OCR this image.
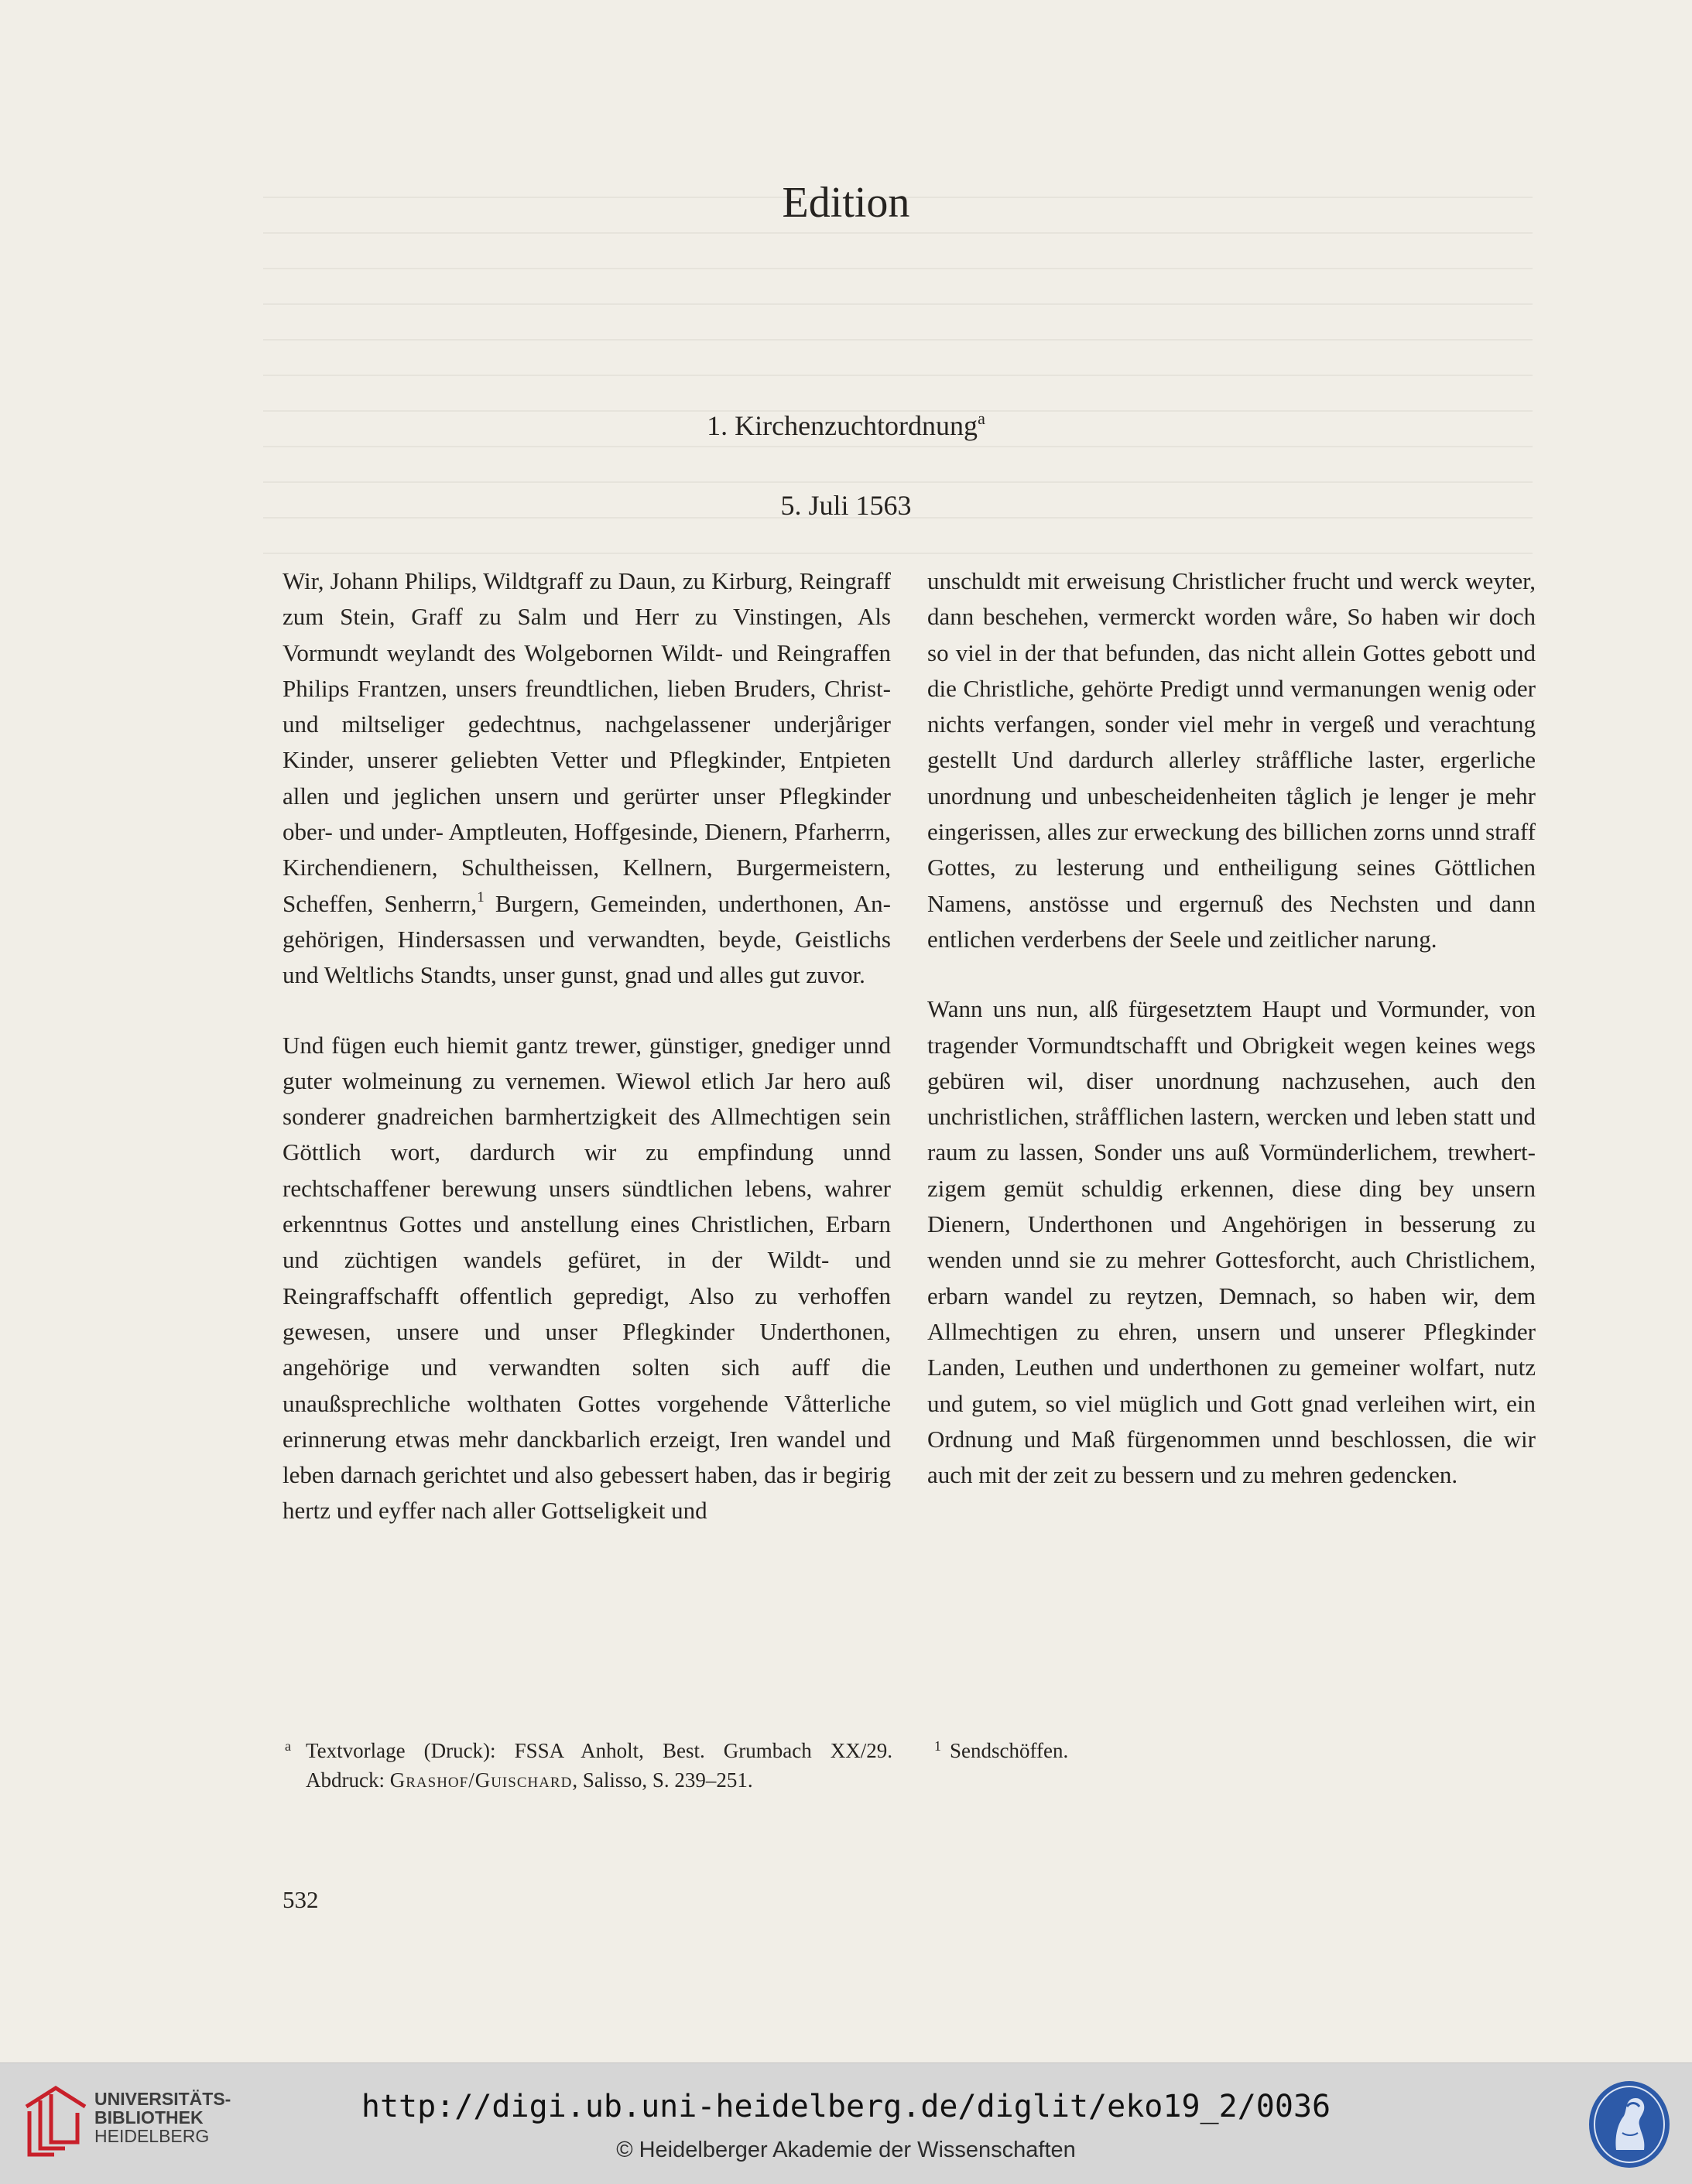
Edition
1. Kirchenzuchtordnung$^a$
5. Juli 1563

Wir, Johann Philips, Wildtgraff zu Daun, zu Kirburg, Reingraff zum Stein, Graff zu Salm und Herr zu Vinstingen, Als Vormundt weylandt des Wolgebornen Wildt- und Reingraffen Philips Frantzen, unsers freundtlichen, lieben Bruders, Christ- und miltseliger gedechtnus, nachgelassener underjåriger Kinder, unserer geliebten Vetter und Pflegkinder, Entpieten allen und jeglichen unsern und gerürter unser Pflegkinder ober- und under- Amptleuten, Hoffgesinde, Dienern, Pfarherrn, Kirchendienern, Schultheissen, Kellnern, Burgermeistern, Scheffen, Senherrn,$^1$ Burgern, Gemeinden, underthonen, Angehörigen, Hindersassen und verwandten, beyde, Geistlichs und Weltlichs Standts, unser gunst, gnad und alles gut zuvor.

Und fügen euch hiemit gantz trewer, günstiger, gnediger unnd guter wolmeinung zu vernemen. Wiewol etlich Jar hero auß sonderer gnadreichen barmhertzigkeit des Allmechtigen sein Göttlich wort, dardurch wir zu empfindung unnd rechtschaffener berewung unsers sündtlichen lebens, wahrer erkenntnus Gottes und anstellung eines Christlichen, Erbarn und züchtigen wandels gefüret, in der Wildt- und Reingraffschafft offentlich gepredigt, Also zu verhoffen gewesen, unsere und unser Pflegkinder Underthonen, angehörige und verwandten solten sich auff die unaußsprechliche wolthaten Gottes vorgehende Våtterliche erinnerung etwas mehr danckbarlich erzeigt, Iren wandel und leben darnach gerichtet und also gebessert haben, das ir begirig hertz und eyffer nach aller Gottseligkeit und

unschuldt mit erweisung Christlicher frucht und werck weyter, dann beschehen, vermerckt worden wåre, So haben wir doch so viel in der that befunden, das nicht allein Gottes gebott und die Christliche, gehörte Predigt unnd vermanungen wenig oder nichts verfangen, sonder viel mehr in vergeß und verachtung gestellt Und dardurch allerley stråffliche laster, ergerliche unordnung und unbescheidenheiten tåglich je lenger je mehr eingerissen, alles zur erweckung des billichen zorns unnd straff Gottes, zu lesterung und entheiligung seines Göttlichen Namens, anstösse und ergernuß des Nechsten und dann entlichen verderbens der Seele und zeitlicher narung.

Wann uns nun, alß fürgesetztem Haupt und Vormunder, von tragender Vormundtschafft und Obrigkeit wegen keines wegs gebüren wil, diser unordnung nachzusehen, auch den unchristlichen, stråfflichen lastern, wercken und leben statt und raum zu lassen, Sonder uns auß Vormünderlichem, trewhertzigem gemüt schuldig erkennen, diese ding bey unsern Dienern, Underthonen und Angehörigen in besserung zu wenden unnd sie zu mehrer Gottesforcht, auch Christlichem, erbarn wandel zu reytzen, Demnach, so haben wir, dem Allmechtigen zu ehren, unsern und unserer Pflegkinder Landen, Leuthen und underthonen zu gemeiner wolfart, nutz und gutem, so viel müglich und Gott gnad verleihen wirt, ein Ordnung und Maß fürgenommen unnd beschlossen, die wir auch mit der zeit zu bessern und zu mehren gedencken.

a Textvorlage (Druck): FSSA Anholt, Best. Grumbach XX/29. Abdruck: Grashof/Guischard, Salisso, S. 239–251.
1 Sendschöffen.
532
UNIVERSITÄTS-
BIBLIOTHEK
HEIDELBERG
http://digi.ub.uni-heidelberg.de/diglit/eko19_2/0036
© Heidelberger Akademie der Wissenschaften
